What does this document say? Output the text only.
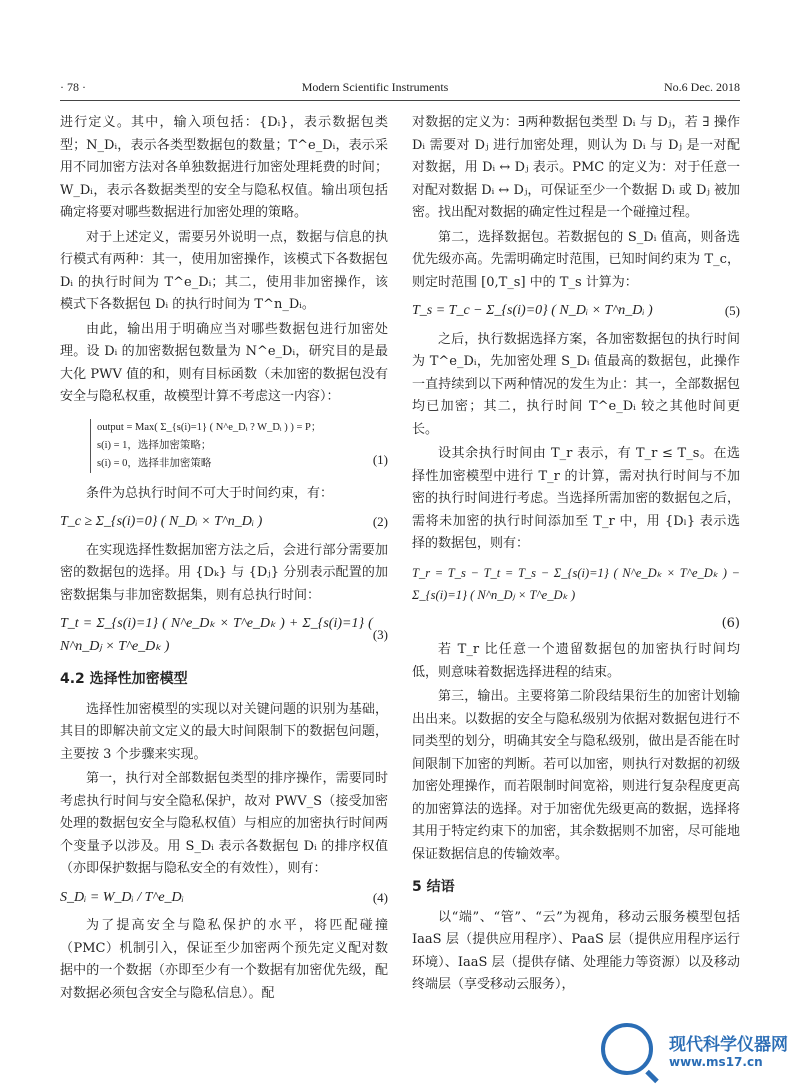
· 78 ·	Modern Scientific Instruments	No.6 Dec. 2018

进行定义。其中，输入项包括：{Dᵢ}，表示数据包类型；N_Dᵢ，表示各类型数据包的数量；T^e_Dᵢ，表示采用不同加密方法对各单独数据进行加密处理耗费的时间；W_Dᵢ，表示各数据类型的安全与隐私权值。输出项包括确定将要对哪些数据进行加密处理的策略。

对于上述定义，需要另外说明一点，数据与信息的执行模式有两种：其一，使用加密操作，该模式下各数据包 Dᵢ 的执行时间为 T^e_Dᵢ；其二，使用非加密操作，该模式下各数据包 Dᵢ 的执行时间为 T^n_Dᵢ。

由此，输出用于明确应当对哪些数据包进行加密处理。设 Dᵢ 的加密数据包数量为 N^e_Dᵢ，研究目的是最大化 PWV 值的和，则有目标函数（未加密的数据包没有安全与隐私权重，故模型计算不考虑这一内容）：

output = Max( Σ_{s(i)=1} ( N^e_Dᵢ ? W_Dᵢ ) ) = P；
s(i) = 1，选择加密策略；
s(i) = 0，选择非加密策略	(1)

条件为总执行时间不可大于时间约束，有：

T_c ≥ Σ_{s(i)=0} ( N_Dᵢ × T^n_Dᵢ )	(2)

在实现选择性数据加密方法之后，会进行部分需要加密的数据包的选择。用 {Dₖ} 与 {Dⱼ} 分别表示配置的加密数据集与非加密数据集，则有总执行时间：

T_t = Σ_{s(i)=1} ( N^e_Dₖ × T^e_Dₖ ) + Σ_{s(i)=1} ( N^n_Dⱼ × T^e_Dₖ )
(3)
4.2 选择性加密模型

选择性加密模型的实现以对关键问题的识别为基础，其目的即解决前文定义的最大时间限制下的数据包问题，主要按 3 个步骤来实现。

第一，执行对全部数据包类型的排序操作，需要同时考虑执行时间与安全隐私保护，故对 PWV_S（接受加密处理的数据包安全与隐私权值）与相应的加密执行时间两个变量予以涉及。用 S_Dᵢ 表示各数据包 Dᵢ 的排序权值（亦即保护数据与隐私安全的有效性），则有：

S_Dᵢ = W_Dᵢ / T^e_Dᵢ	(4)

为了提高安全与隐私保护的水平，将匹配碰撞（PMC）机制引入，保证至少加密两个预先定义配对数据中的一个数据（亦即至少有一个数据有加密优先级，配对数据必须包含安全与隐私信息）。配

对数据的定义为：∃两种数据包类型 Dᵢ 与 Dⱼ，若 ∃ 操作 Dᵢ 需要对 Dⱼ 进行加密处理，则认为 Dᵢ 与 Dⱼ 是一对配对数据，用 Dᵢ ↔ Dⱼ 表示。PMC 的定义为：对于任意一对配对数据 Dᵢ ↔ Dⱼ，可保证至少一个数据 Dᵢ 或 Dⱼ 被加密。找出配对数据的确定性过程是一个碰撞过程。

第二，选择数据包。若数据包的 S_Dᵢ 值高，则备选优先级亦高。先需明确定时范围，已知时间约束为 T_c，则定时范围 [0,T_s] 中的 T_s 计算为：

T_s = T_c − Σ_{s(i)=0} ( N_Dᵢ × T^n_Dᵢ )	(5)

之后，执行数据选择方案，各加密数据包的执行时间为 T^e_Dᵢ，先加密处理 S_Dᵢ 值最高的数据包，此操作一直持续到以下两种情况的发生为止：其一，全部数据包均已加密；其二，执行时间 T^e_Dᵢ 较之其他时间更长。

设其余执行时间由 T_r 表示，有 T_r ≤ T_s。在选择性加密模型中进行 T_r 的计算，需对执行时间与不加密的执行时间进行考虑。当选择所需加密的数据包之后，需将未加密的执行时间添加至 T_r 中，用 {Dₗ} 表示选择的数据包，则有：

T_r = T_s − T_t = T_s − Σ_{s(i)=1} ( N^e_Dₖ × T^e_Dₖ ) − Σ_{s(i)=1} ( N^n_Dⱼ × T^e_Dₖ )
(6)

若 T_r 比任意一个遗留数据包的加密执行时间均低，则意味着数据选择进程的结束。

第三，输出。主要将第二阶段结果衍生的加密计划输出出来。以数据的安全与隐私级别为依据对数据包进行不同类型的划分，明确其安全与隐私级别，做出是否能在时间限制下加密的判断。若可以加密，则执行对数据的初级加密处理操作，而若限制时间宽裕，则进行复杂程度更高的加密算法的选择。对于加密优先级更高的数据，选择将其用于特定约束下的加密，其余数据则不加密，尽可能地保证数据信息的传输效率。

5 结语

以“端”、“管”、“云”为视角，移动云服务模型包括 IaaS 层（提供应用程序）、PaaS 层（提供应用程序运行环境）、IaaS 层（提供存储、处理能力等资源）以及移动终端层（享受移动云服务），

现代科学仪器网
www.ms17.cn
